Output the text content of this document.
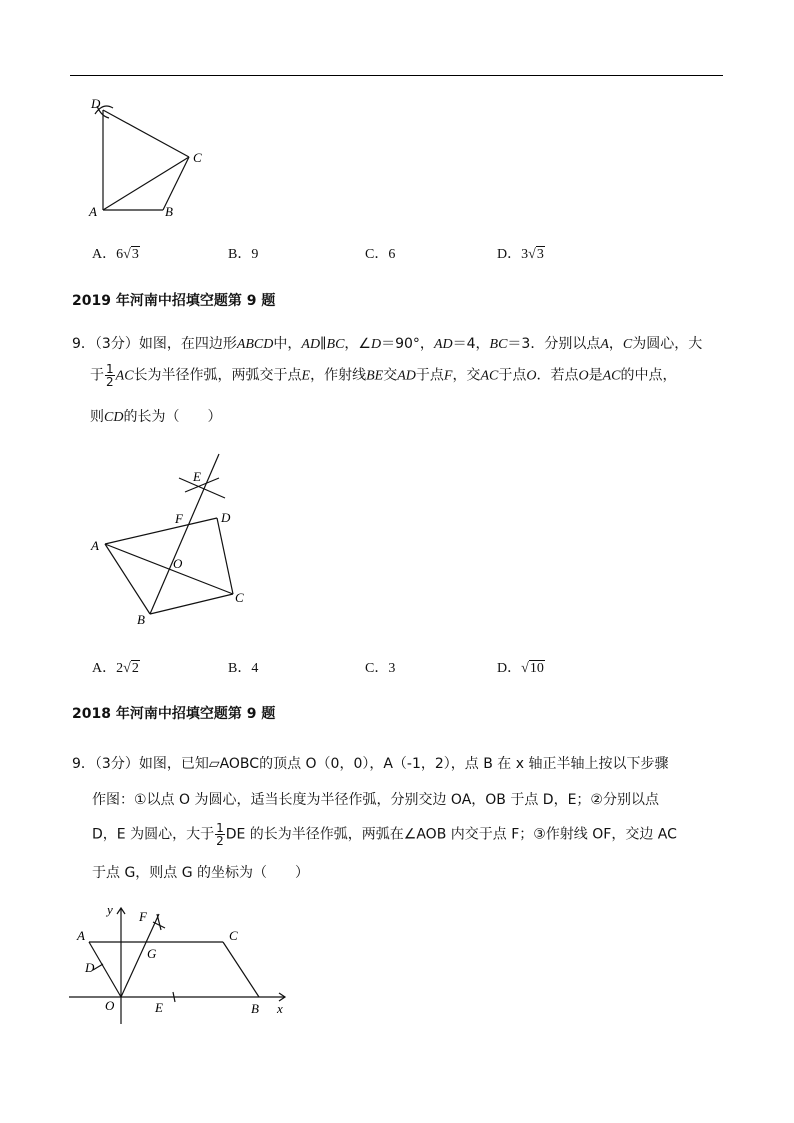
D
C
A	B
A．6√3	B．9	C．6	D．3√3
2019 年河南中招填空题第 9 题
9．（3分）如图，在四边形ABCD中，AD∥BC，∠D＝90°，AD＝4，BC＝3．分别以点A，C为圆心，大
于 $\frac{1}{2}$ AC长为半径作弧，两弧交于点E，作射线BE交AD于点F，交AC于点O．若点O是AC的中点，
则CD的长为（　　）
E
F	D
A
O
C
B
A．2√2	B．4	C．3	D．√10
2018 年河南中招填空题第 9 题
9．（3分）如图，已知▱AOBC的顶点 O（0，0），A（-1，2），点 B 在 x 轴正半轴上按以下步骤
作图：①以点 O 为圆心，适当长度为半径作弧，分别交边 OA，OB 于点 D，E；②分别以点
D，E 为圆心，大于 $\frac{1}{2}$ DE 的长为半径作弧，两弧在∠AOB 内交于点 F；③作射线 OF，交边 AC
于点 G，则点 G 的坐标为（　　）
y F
A	C
D
G
O	E	B x
